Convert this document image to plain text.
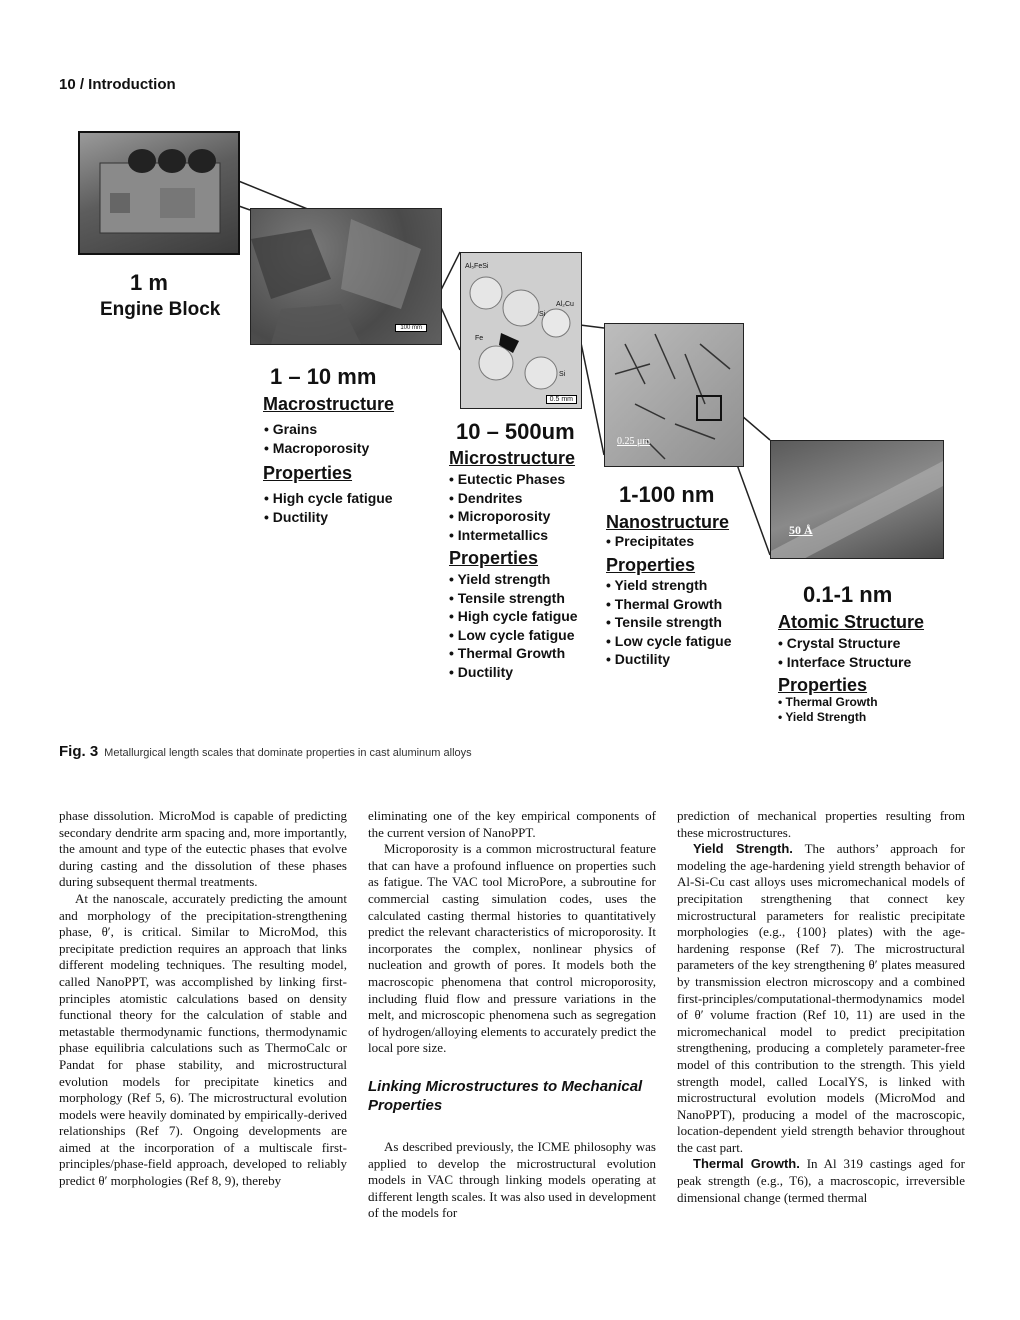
10 / Introduction
1 m
Engine Block
100 mm
1 – 10 mm
Macrostructure
• Grains
• Macroporosity
Properties
• High cycle fatigue
• Ductility
Al₅FeSi
Al₂Cu
Si
Fe
Si
0.5 mm
10 – 500um
Microstructure
• Eutectic Phases
• Dendrites
• Microporosity
• Intermetallics
Properties
• Yield strength
• Tensile strength
• High cycle fatigue
• Low cycle fatigue
• Thermal Growth
• Ductility
0.25 μm
1-100 nm
Nanostructure
• Precipitates
Properties
• Yield strength
• Thermal Growth
• Tensile strength
• Low cycle fatigue
• Ductility
50 Å
0.1-1 nm
Atomic Structure
• Crystal Structure
• Interface Structure
Properties
• Thermal Growth
• Yield Strength
Fig. 3 Metallurgical length scales that dominate properties in cast aluminum alloys

phase dissolution. MicroMod is capable of predicting secondary dendrite arm spacing and, more importantly, the amount and type of the eutectic phases that evolve during casting and the dissolution of these phases during subsequent thermal treatments.

At the nanoscale, accurately predicting the amount and morphology of the precipitation-strengthening phase, θ′, is critical. Similar to MicroMod, this precipitate prediction requires an approach that links different modeling techniques. The resulting model, called NanoPPT, was accomplished by linking first-principles atomistic calculations based on density functional theory for the calculation of stable and metastable thermodynamic functions, thermodynamic phase equilibria calculations such as ThermoCalc or Pandat for phase stability, and microstructural evolution models for precipitate kinetics and morphology (Ref 5, 6). The microstructural evolution models were heavily dominated by empirically-derived relationships (Ref 7). Ongoing developments are aimed at the incorporation of a multiscale first-principles/phase-field approach, developed to reliably predict θ′ morphologies (Ref 8, 9), thereby

eliminating one of the key empirical components of the current version of NanoPPT.

Microporosity is a common microstructural feature that can have a profound influence on properties such as fatigue. The VAC tool MicroPore, a subroutine for commercial casting simulation codes, uses the calculated casting thermal histories to quantitatively predict the relevant characteristics of microporosity. It incorporates the complex, nonlinear physics of nucleation and growth of pores. It models both the macroscopic phenomena that control microporosity, including fluid flow and pressure variations in the melt, and microscopic phenomena such as segregation of hydrogen/alloying elements to accurately predict the local pore size.

Linking Microstructures to Mechanical Properties

As described previously, the ICME philosophy was applied to develop the microstructural evolution models in VAC through linking models operating at different length scales. It was also used in development of the models for

prediction of mechanical properties resulting from these microstructures.

Yield Strength. The authors’ approach for modeling the age-hardening yield strength behavior of Al-Si-Cu cast alloys uses micromechanical models of precipitation strengthening that connect key microstructural parameters for realistic precipitate morphologies (e.g., {100} plates) with the age-hardening response (Ref 7). The microstructural parameters of the key strengthening θ′ plates measured by transmission electron microscopy and a combined first-principles/computational-thermodynamics model of θ′ volume fraction (Ref 10, 11) are used in the micromechanical model to predict precipitation strengthening, producing a completely parameter-free model of this contribution to the strength. This yield strength model, called LocalYS, is linked with microstructural evolution models (MicroMod and NanoPPT), producing a model of the macroscopic, location-dependent yield strength behavior throughout the cast part.

Thermal Growth. In Al 319 castings aged for peak strength (e.g., T6), a macroscopic, irreversible dimensional change (termed thermal
